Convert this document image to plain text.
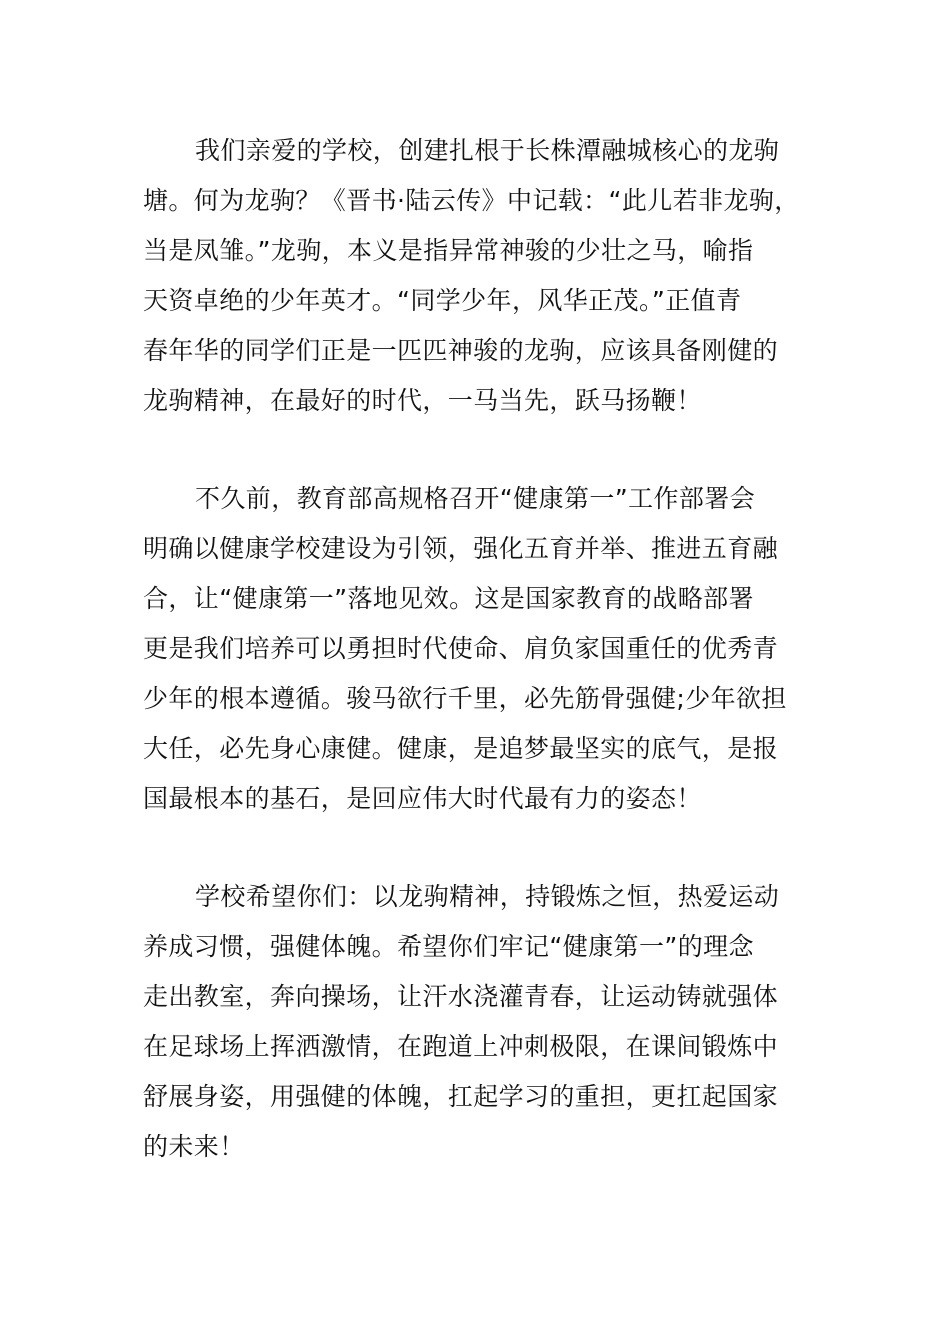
我们亲爱的学校，创建扎根于长株潭融城核心的龙驹
塘。何为龙驹？《晋书·陆云传》中记载：“此儿若非龙驹，
当是凤雏。”龙驹，本义是指异常神骏的少壮之马，喻指
天资卓绝的少年英才。“同学少年，风华正茂。”正值青
春年华的同学们正是一匹匹神骏的龙驹，应该具备刚健的
龙驹精神，在最好的时代，一马当先，跃马扬鞭！
不久前，教育部高规格召开“健康第一”工作部署会
明确以健康学校建设为引领，强化五育并举、推进五育融
合，让“健康第一”落地见效。这是国家教育的战略部署
更是我们培养可以勇担时代使命、肩负家国重任的优秀青
少年的根本遵循。骏马欲行千里，必先筋骨强健;少年欲担
大任，必先身心康健。健康，是追梦最坚实的底气，是报
国最根本的基石，是回应伟大时代最有力的姿态！
学校希望你们：以龙驹精神，持锻炼之恒，热爱运动
养成习惯，强健体魄。希望你们牢记“健康第一”的理念
走出教室，奔向操场，让汗水浇灌青春，让运动铸就强体
在足球场上挥洒激情，在跑道上冲刺极限，在课间锻炼中
舒展身姿，用强健的体魄，扛起学习的重担，更扛起国家
的未来！
